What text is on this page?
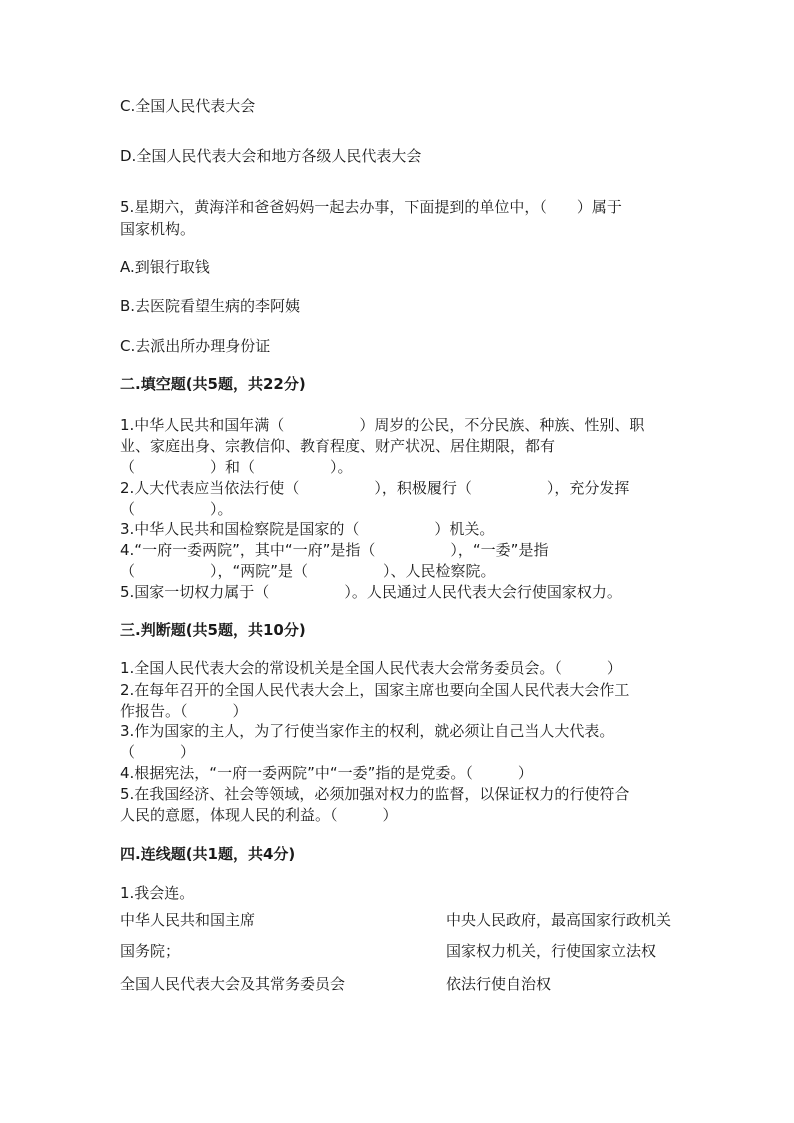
C.全国人民代表大会
D.全国人民代表大会和地方各级人民代表大会
5.星期六，黄海洋和爸爸妈妈一起去办事，下面提到的单位中，（　　）属于
国家机构。
A.到银行取钱
B.去医院看望生病的李阿姨
C.去派出所办理身份证
二.填空题(共5题，共22分)
1.中华人民共和国年满（　　　　　）周岁的公民，不分民族、种族、性别、职
业、家庭出身、宗教信仰、教育程度、财产状况、居住期限，都有
（　　　　　）和（　　　　　）。
2.人大代表应当依法行使（　　　　　），积极履行（　　　　　），充分发挥
（　　　　　）。
3.中华人民共和国检察院是国家的（　　　　　）机关。
4.“一府一委两院”，其中“一府”是指（　　　　　），“一委”是指
（　　　　　），“两院”是（　　　　　）、人民检察院。
5.国家一切权力属于（　　　　　）。人民通过人民代表大会行使国家权力。
三.判断题(共5题，共10分)
1.全国人民代表大会的常设机关是全国人民代表大会常务委员会。（　　　）
2.在每年召开的全国人民代表大会上，国家主席也要向全国人民代表大会作工
作报告。（　　　）
3.作为国家的主人，为了行使当家作主的权利，就必须让自己当人大代表。
（　　　）
4.根据宪法，“一府一委两院”中“一委”指的是党委。（　　　）
5.在我国经济、社会等领域，必须加强对权力的监督，以保证权力的行使符合
人民的意愿，体现人民的利益。（　　　）
四.连线题(共1题，共4分)
1.我会连。
中华人民共和国主席	中央人民政府，最高国家行政机关
国务院；	国家权力机关，行使国家立法权
全国人民代表大会及其常务委员会	依法行使自治权
